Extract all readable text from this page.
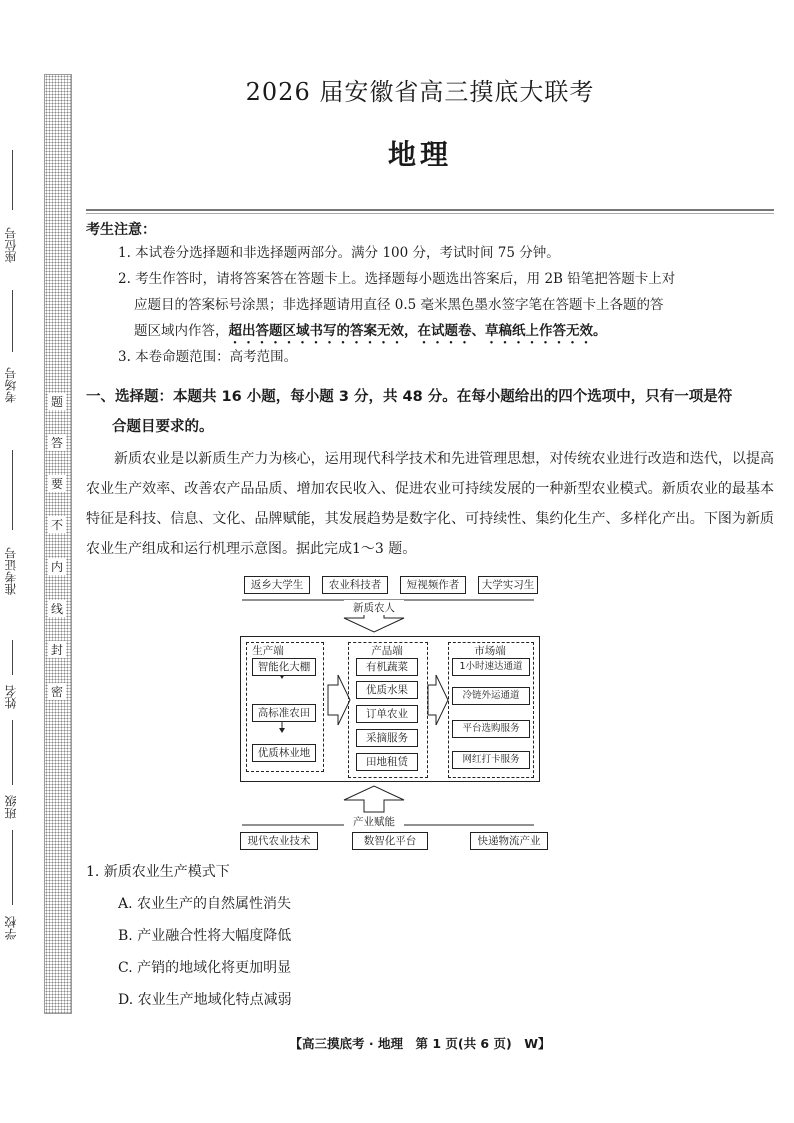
题
答
要
不
内
线
封
密
座位号
考场号
准考证号
姓名
班级
学校
2026 届安徽省高三摸底大联考
地理
考生注意：
1. 本试卷分选择题和非选择题两部分。满分 100 分，考试时间 75 分钟。
2. 考生作答时，请将答案答在答题卡上。选择题每小题选出答案后，用 2B 铅笔把答题卡上对
应题目的答案标号涂黑；非选择题请用直径 0.5 毫米黑色墨水签字笔在答题卡上各题的答
题区域内作答，超出答题区域书写的答案无效，在试题卷、草稿纸上作答无效。
3. 本卷命题范围：高考范围。
一、选择题：本题共 16 小题，每小题 3 分，共 48 分。在每小题给出的四个选项中，只有一项是符
合题目要求的。
新质农业是以新质生产力为核心，运用现代科学技术和先进管理思想，对传统农业进行改造和迭代，以提高农业生产效率、改善农产品品质、增加农民收入、促进农业可持续发展的一种新型农业模式。新质农业的最基本特征是科技、信息、文化、品牌赋能，其发展趋势是数字化、可持续性、集约化生产、多样化产出。下图为新质农业生产组成和运行机理示意图。据此完成1～3 题。
返乡大学生	农业科技者	短视频作者	大学实习生
新质农人
生产端
智能化大棚
高标准农田
优质林业地
产品端
有机蔬菜
优质水果
订单农业
采摘服务
田地租赁
市场端
1小时速达通道
冷链外运通道
平台选购服务
网红打卡服务
产业赋能
现代农业技术	数智化平台	快递物流产业
1. 新质农业生产模式下
A. 农业生产的自然属性消失
B. 产业融合性将大幅度降低
C. 产销的地域化将更加明显
D. 农业生产地域化特点减弱
【高三摸底考 · 地理　第 1 页(共 6 页)　W】
